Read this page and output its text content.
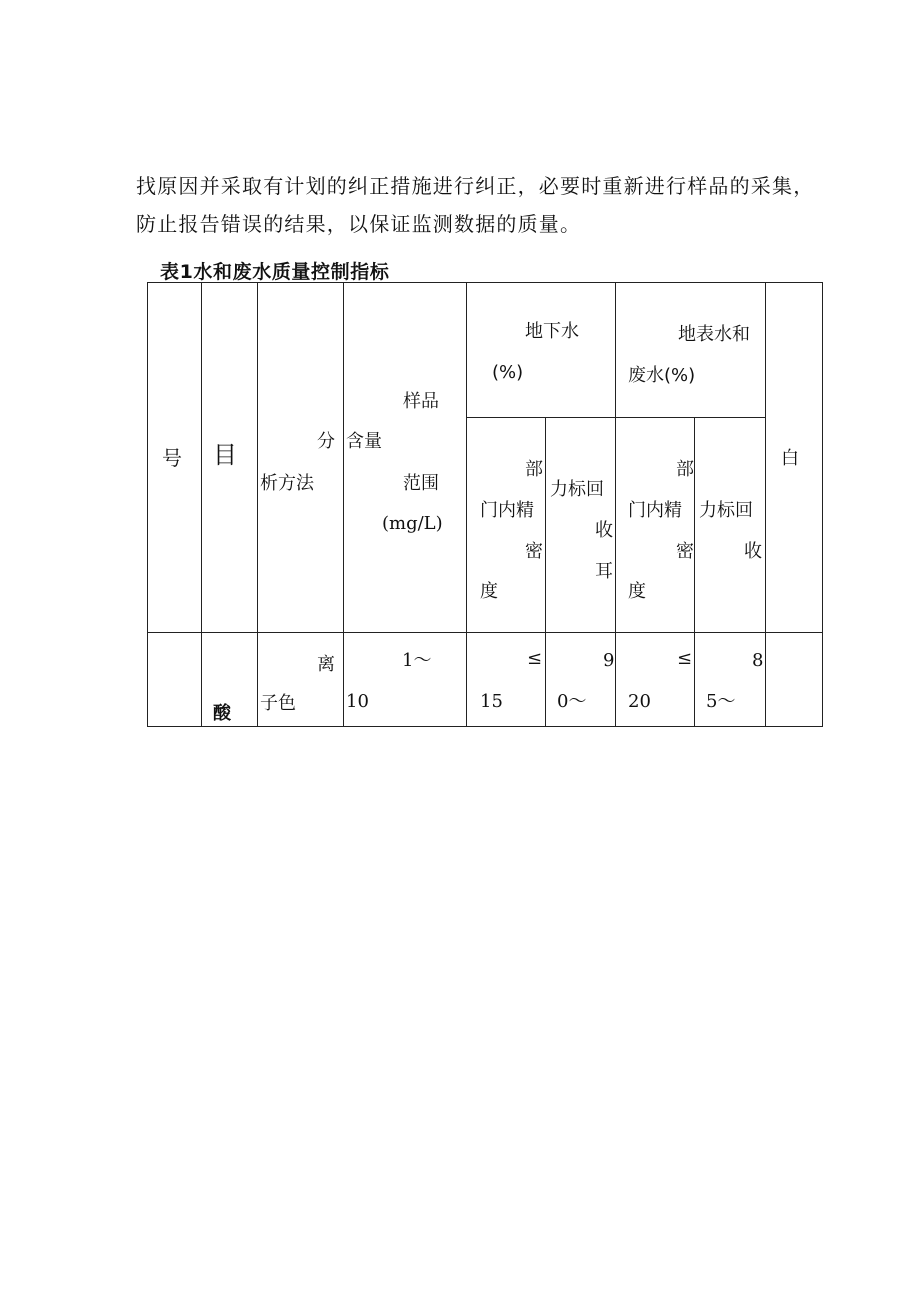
找原因并采取有计划的纠正措施进行纠正，必要时重新进行样品的采集，
防止报告错误的结果，以保证监测数据的质量。
表1水和废水质量控制指标
号 目	分
析方法
样品
含量
范围
(mg/L)
地下水
(%)
地表水和
废水(%)
部
门内精
密
度
力标回
收
耳
部
门内精
密
度
力标回
收
白
酸
离
子色
1～
10
≤
15
9
0～
≤
20
8
5～
